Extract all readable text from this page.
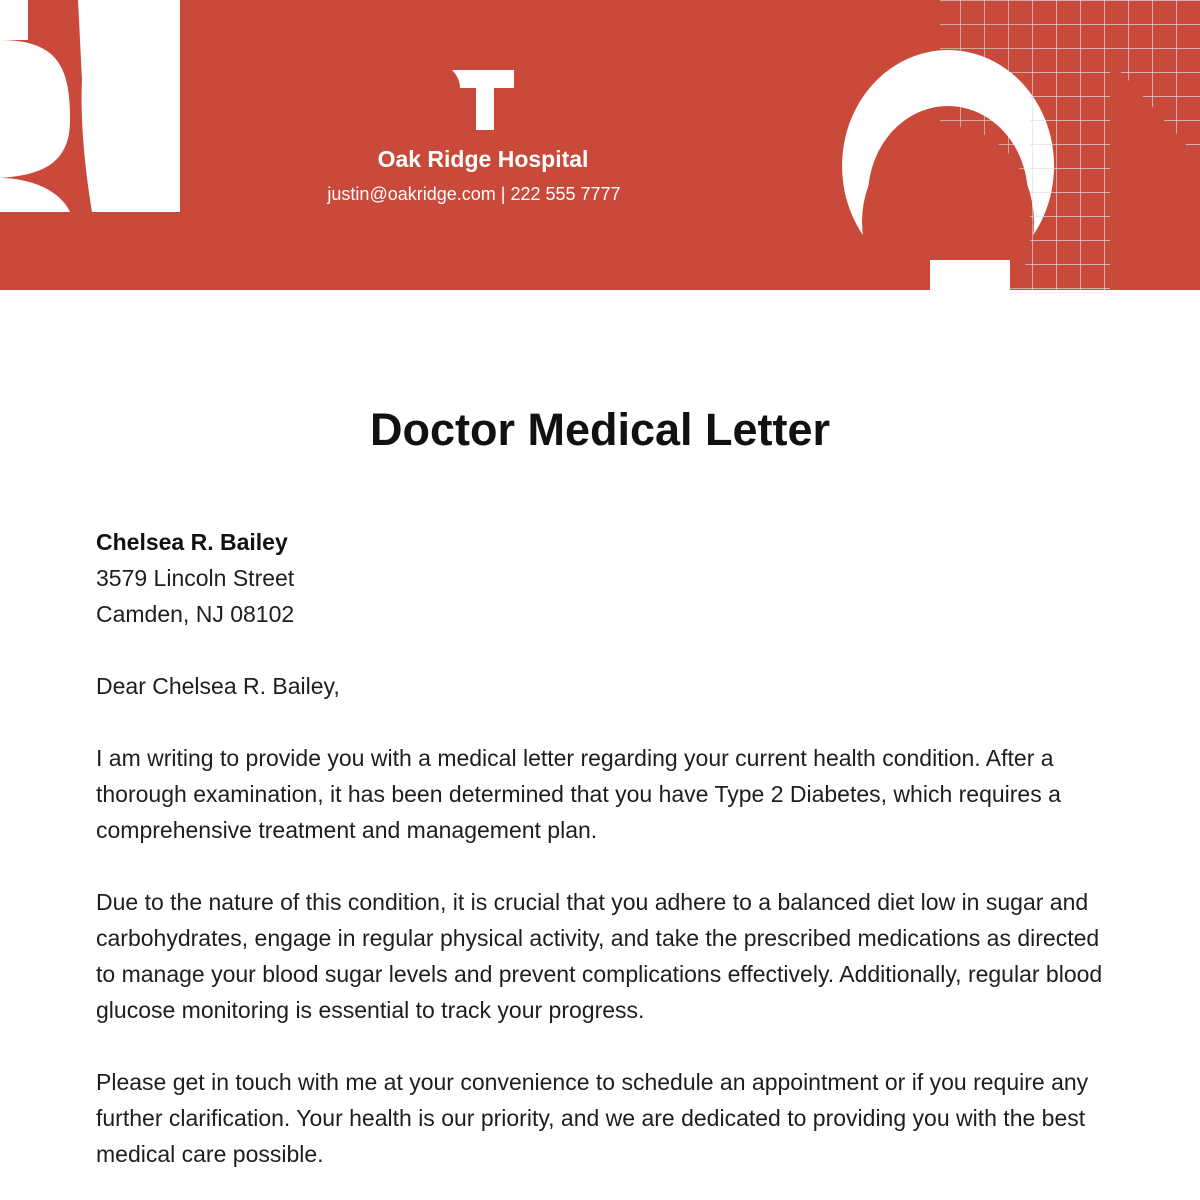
Oak Ridge Hospital
justin@oakridge.com | 222 555 7777
Doctor Medical Letter

Chelsea R. Bailey

3579 Lincoln Street

Camden, NJ 08102

Dear Chelsea R. Bailey,

I am writing to provide you with a medical letter regarding your current health condition. After a thorough examination, it has been determined that you have Type 2 Diabetes, which requires a comprehensive treatment and management plan.

Due to the nature of this condition, it is crucial that you adhere to a balanced diet low in sugar and carbohydrates, engage in regular physical activity, and take the prescribed medications as directed to manage your blood sugar levels and prevent complications effectively. Additionally, regular blood glucose monitoring is essential to track your progress.

Please get in touch with me at your convenience to schedule an appointment or if you require any further clarification. Your health is our priority, and we are dedicated to providing you with the best medical care possible.
